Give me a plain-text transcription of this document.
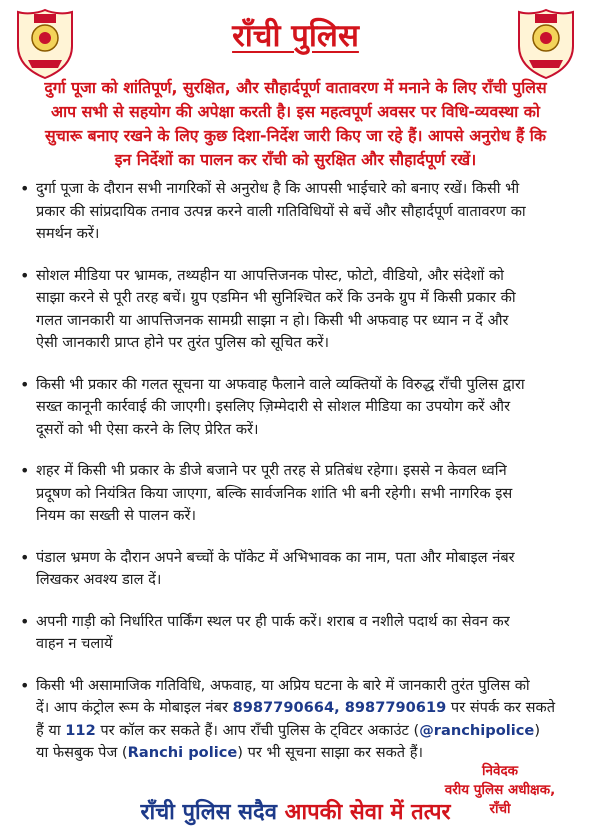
राँची पुलिस
दुर्गा पूजा को शांतिपूर्ण, सुरक्षित, और सौहार्दपूर्ण वातावरण में मनाने के लिए राँची पुलिस
आप सभी से सहयोग की अपेक्षा करती है। इस महत्वपूर्ण अवसर पर विधि-व्यवस्था को
सुचारू बनाए रखने के लिए कुछ दिशा-निर्देश जारी किए जा रहे हैं। आपसे अनुरोध हैं कि
इन निर्देशों का पालन कर राँची को सुरक्षित और सौहार्दपूर्ण रखें।
• दुर्गा पूजा के दौरान सभी नागरिकों से अनुरोध है कि आपसी भाईचारे को बनाए रखें। किसी भी
प्रकार की सांप्रदायिक तनाव उत्पन्न करने वाली गतिविधियों से बचें और सौहार्दपूर्ण वातावरण का
समर्थन करें।
• सोशल मीडिया पर भ्रामक, तथ्यहीन या आपत्तिजनक पोस्ट, फोटो, वीडियो, और संदेशों को
साझा करने से पूरी तरह बचें। ग्रुप एडमिन भी सुनिश्चित करें कि उनके ग्रुप में किसी प्रकार की
गलत जानकारी या आपत्तिजनक सामग्री साझा न हो। किसी भी अफवाह पर ध्यान न दें और
ऐसी जानकारी प्राप्त होने पर तुरंत पुलिस को सूचित करें।
• किसी भी प्रकार की गलत सूचना या अफवाह फैलाने वाले व्यक्तियों के विरुद्ध राँची पुलिस द्वारा
सख्त कानूनी कार्रवाई की जाएगी। इसलिए ज़िम्मेदारी से सोशल मीडिया का उपयोग करें और
दूसरों को भी ऐसा करने के लिए प्रेरित करें।
• शहर में किसी भी प्रकार के डीजे बजाने पर पूरी तरह से प्रतिबंध रहेगा। इससे न केवल ध्वनि
प्रदूषण को नियंत्रित किया जाएगा, बल्कि सार्वजनिक शांति भी बनी रहेगी। सभी नागरिक इस
नियम का सख्ती से पालन करें।
• पंडाल भ्रमण के दौरान अपने बच्चों के पॉकेट में अभिभावक का नाम, पता और मोबाइल नंबर
लिखकर अवश्य डाल दें।
• अपनी गाड़ी को निर्धारित पार्किंग स्थल पर ही पार्क करें। शराब व नशीले पदार्थ का सेवन कर
वाहन न चलायें
• किसी भी असामाजिक गतिविधि, अफवाह, या अप्रिय घटना के बारे में जानकारी तुरंत पुलिस को
दें। आप कंट्रोल रूम के मोबाइल नंबर 8987790664, 8987790619 पर संपर्क कर सकते
हैं या 112 पर कॉल कर सकते हैं। आप राँची पुलिस के ट्विटर अकाउंट (@ranchipolice)
या फेसबुक पेज (Ranchi police) पर भी सूचना साझा कर सकते हैं।
निवेदक
वरीय पुलिस अधीक्षक,
राँची
राँची पुलिस सदैव आपकी सेवा में तत्पर
